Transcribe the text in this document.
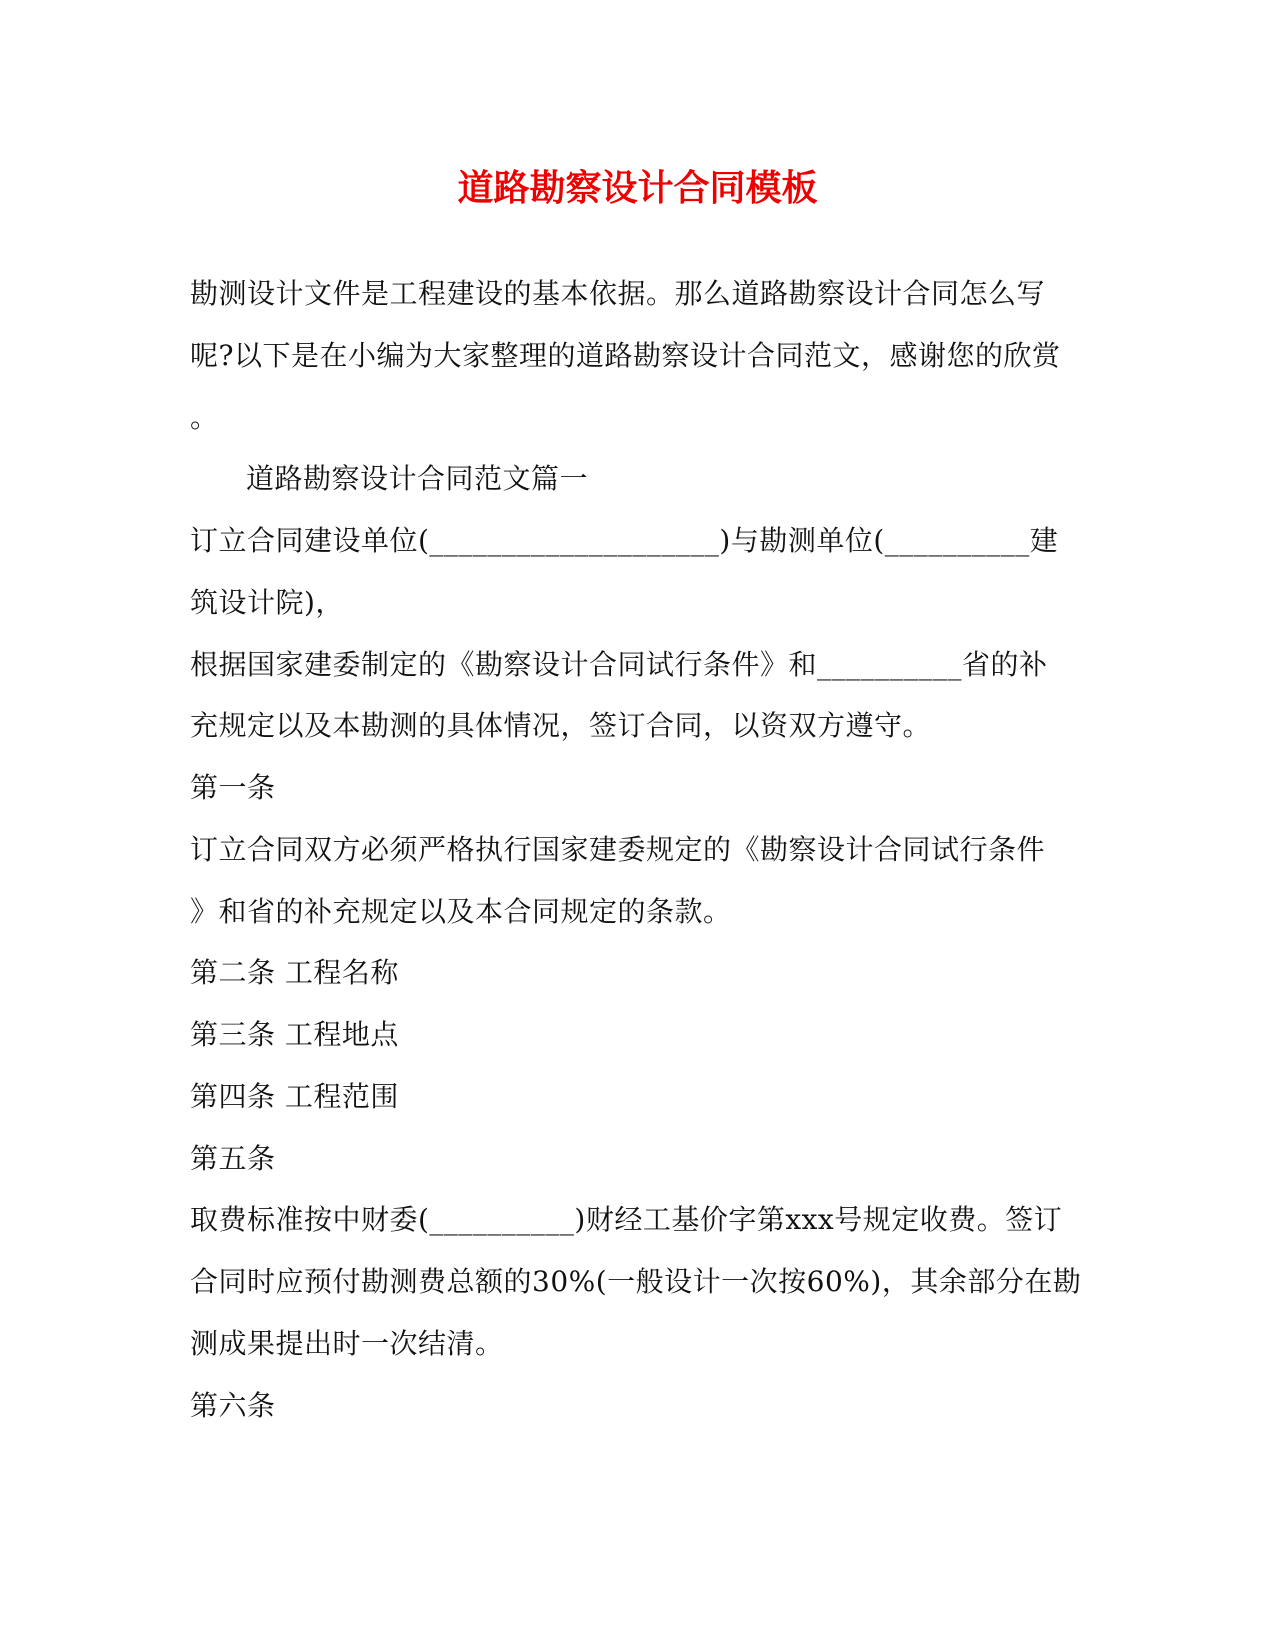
道路勘察设计合同模板
勘测设计文件是工程建设的基本依据。那么道路勘察设计合同怎么写
呢?以下是在小编为大家整理的道路勘察设计合同范文，感谢您的欣赏
。
道路勘察设计合同范文篇一
订立合同建设单位(____________________)与勘测单位(__________建
筑设计院)，
根据国家建委制定的《勘察设计合同试行条件》和__________省的补
充规定以及本勘测的具体情况，签订合同，以资双方遵守。
第一条
订立合同双方必须严格执行国家建委规定的《勘察设计合同试行条件
》和省的补充规定以及本合同规定的条款。
第二条 工程名称
第三条 工程地点
第四条 工程范围
第五条
取费标准按中财委(__________)财经工基价字第xxx号规定收费。签订
合同时应预付勘测费总额的30%(一般设计一次按60%)，其余部分在勘
测成果提出时一次结清。
第六条
